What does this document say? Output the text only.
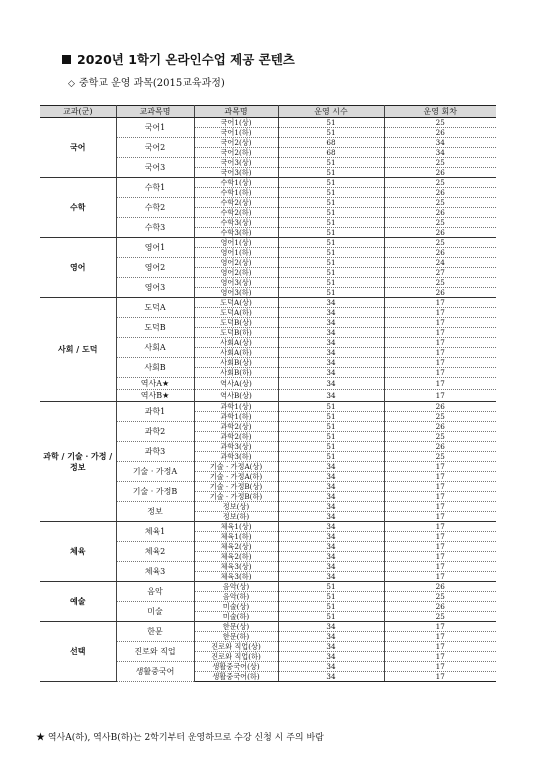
2020년 1학기 온라인수업 제공 콘텐츠
◇ 중학교 운영 과목(2015교육과정)
교과(군)	교과목명	과목명	운영 시수	운영 회차
국어	국어1	국어1(상)	51	25
		국어1(하)	51	26
	국어2	국어2(상)	68	34
		국어2(하)	68	34
	국어3	국어3(상)	51	25
		국어3(하)	51	26
수학	수학1	수학1(상)	51	25
		수학1(하)	51	26
	수학2	수학2(상)	51	25
		수학2(하)	51	26
	수학3	수학3(상)	51	25
		수학3(하)	51	26
영어	영어1	영어1(상)	51	25
		영어1(하)	51	26
	영어2	영어2(상)	51	24
		영어2(하)	51	27
	영어3	영어3(상)	51	25
		영어3(하)	51	26
사회 / 도덕	도덕A	도덕A(상)	34	17
		도덕A(하)	34	17
	도덕B	도덕B(상)	34	17
		도덕B(하)	34	17
	사회A	사회A(상)	34	17
		사회A(하)	34	17
	사회B	사회B(상)	34	17
		사회B(하)	34	17
	역사A★	역사A(상)	34	17
	역사B★	역사B(상)	34	17
과학 / 기술 · 가정 / 정보	과학1	과학1(상)	51	26
		과학1(하)	51	25
	과학2	과학2(상)	51	26
		과학2(하)	51	25
	과학3	과학3(상)	51	26
		과학3(하)	51	25
	기술 · 가정A	기술 · 가정A(상)	34	17
		기술 · 가정A(하)	34	17
	기술 · 가정B	기술 · 가정B(상)	34	17
		기술 · 가정B(하)	34	17
	정보	정보(상)	34	17
		정보(하)	34	17
체육	체육1	체육1(상)	34	17
		체육1(하)	34	17
	체육2	체육2(상)	34	17
		체육2(하)	34	17
	체육3	체육3(상)	34	17
		체육3(하)	34	17
예술	음악	음악(상)	51	26
		음악(하)	51	25
	미술	미술(상)	51	26
		미술(하)	51	25
선택	한문	한문(상)	34	17
		한문(하)	34	17
	진로와 직업	진로와 직업(상)	34	17
		진로와 직업(하)	34	17
	생활중국어	생활중국어(상)	34	17
		생활중국어(하)	34	17
★ 역사A(하), 역사B(하)는 2학기부터 운영하므로 수강 신청 시 주의 바람
